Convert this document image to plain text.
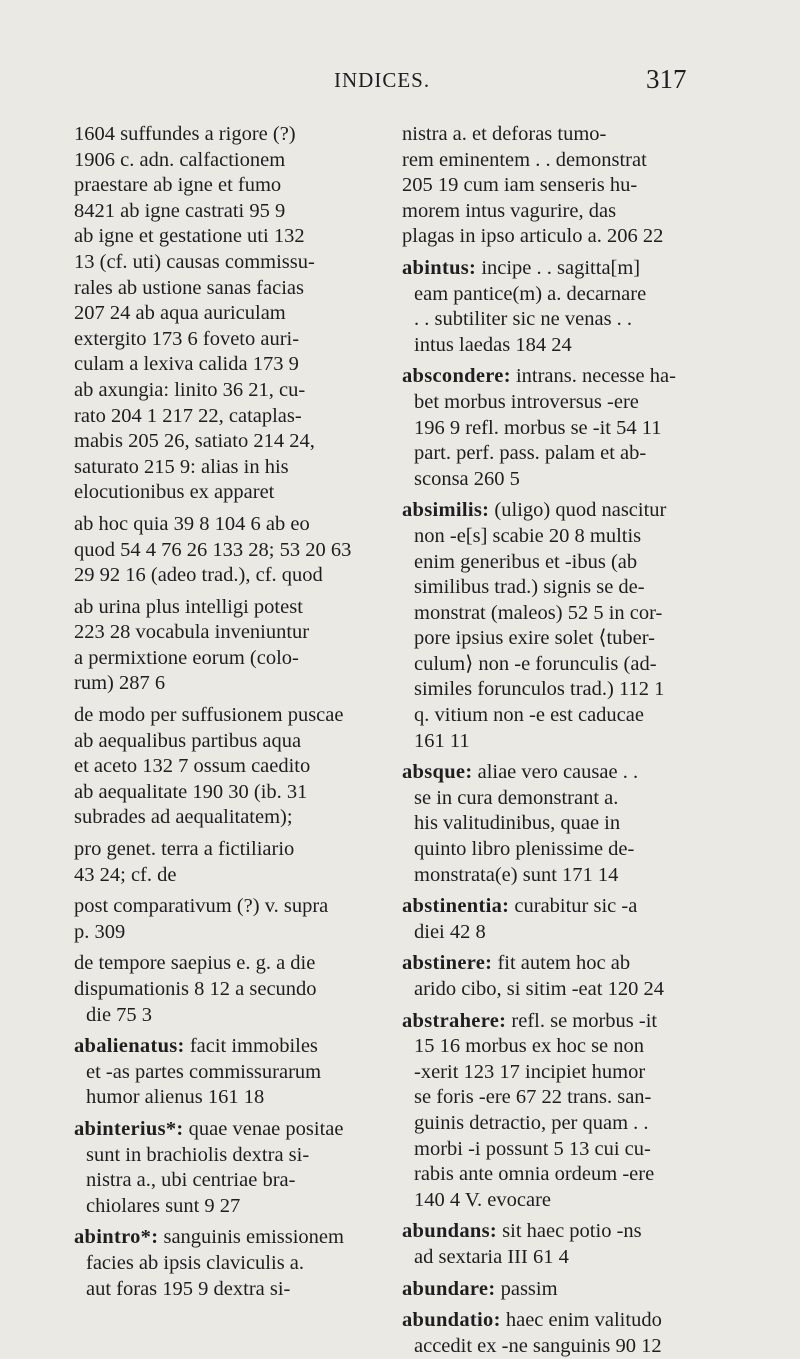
INDICES.	317
1604 suffundes a rigore (?)
1906 c. adn. calfactionem
praestare ab igne et fumo
8421 ab igne castrati 95 9
ab igne et gestatione uti 132
13 (cf. uti) causas commissu-
rales ab ustione sanas facias
207 24 ab aqua auriculam
extergito 173 6 foveto auri-
culam a lexiva calida 173 9
ab axungia: linito 36 21, cu-
rato 204 1 217 22, cataplas-
mabis 205 26, satiato 214 24,
saturato 215 9: alias in his
elocutionibus ex apparet
ab hoc quia 39 8 104 6 ab eo
quod 54 4 76 26 133 28; 53 20 63
29 92 16 (adeo trad.), cf. quod
ab urina plus intelligi potest
223 28 vocabula inveniuntur
a permixtione eorum (colo-
rum) 287 6
de modo per suffusionem puscae
ab aequalibus partibus aqua
et aceto 132 7 ossum caedito
ab aequalitate 190 30 (ib. 31
subrades ad aequalitatem);
pro genet. terra a fictiliario
43 24; cf. de
post comparativum (?) v. supra
p. 309
de tempore saepius e. g. a die
dispumationis 8 12 a secundo
die 75 3
abalienatus: facit immobiles
et -as partes commissurarum
humor alienus 161 18
abinterius*: quae venae positae
sunt in brachiolis dextra si-
nistra a., ubi centriae bra-
chiolares sunt 9 27
abintro*: sanguinis emissionem
facies ab ipsis claviculis a.
aut foras 195 9 dextra si-
nistra a. et deforas tumo-
rem eminentem . . demonstrat
205 19 cum iam senseris hu-
morem intus vagurire, das
plagas in ipso articulo a. 206 22
abintus: incipe . . sagitta[m]
eam pantice(m) a. decarnare
. . subtiliter sic ne venas . .
intus laedas 184 24
abscondere: intrans. necesse ha-
bet morbus introversus -ere
196 9 refl. morbus se -it 54 11
part. perf. pass. palam et ab-
sconsa 260 5
absimilis: (uligo) quod nascitur
non -e[s] scabie 20 8 multis
enim generibus et -ibus (ab
similibus trad.) signis se de-
monstrat (maleos) 52 5 in cor-
pore ipsius exire solet ⟨tuber-
culum⟩ non -e forunculis (ad-
similes forunculos trad.) 112 1
q. vitium non -e est caducae
161 11
absque: aliae vero causae . .
se in cura demonstrant a.
his valitudinibus, quae in
quinto libro plenissime de-
monstrata(e) sunt 171 14
abstinentia: curabitur sic -a
diei 42 8
abstinere: fit autem hoc ab
arido cibo, si sitim -eat 120 24
abstrahere: refl. se morbus -it
15 16 morbus ex hoc se non
-xerit 123 17 incipiet humor
se foris -ere 67 22 trans. san-
guinis detractio, per quam . .
morbi -i possunt 5 13 cui cu-
rabis ante omnia ordeum -ere
140 4 V. evocare
abundans: sit haec potio -ns
ad sextaria III 61 4
abundare: passim
abundatio: haec enim valitudo
accedit ex -ne sanguinis 90 12
